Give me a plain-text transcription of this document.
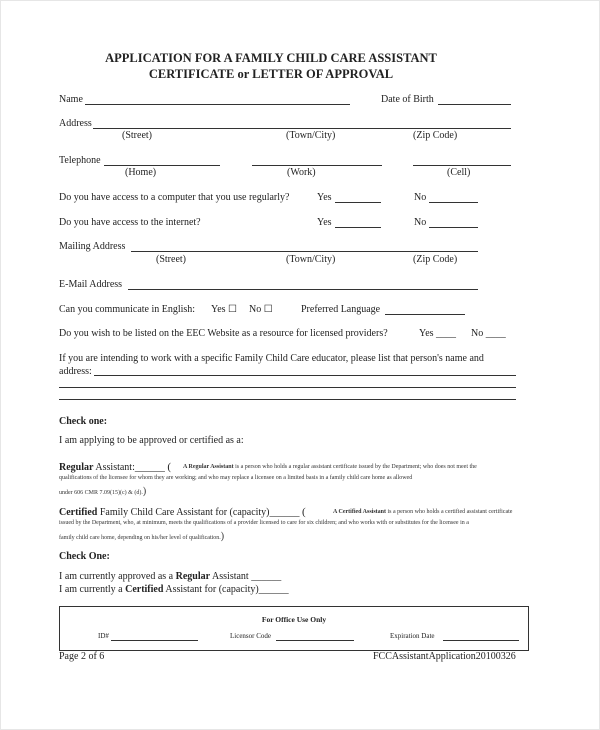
APPLICATION FOR A FAMILY CHILD CARE ASSISTANT
CERTIFICATE or LETTER OF APPROVAL
Name	Date of Birth
Address
(Street)	(Town/City)	(Zip Code)
Telephone
(Home)	(Work)	(Cell)
Do you have access to a computer that you use regularly?	Yes	No
Do you have access to the internet?	Yes	No
Mailing Address
(Street)	(Town/City)	(Zip Code)
E-Mail Address
Can you communicate in English: Yes ☐ No ☐	Preferred Language
Do you wish to be listed on the EEC Website as a resource for licensed providers?	Yes ____ No ____
If you are intending to work with a specific Family Child Care educator, please list that person's name and
address:
Check one:
I am applying to be approved or certified as a:
Regular Assistant:______ ( A Regular Assistant is a person who holds a regular assistant certificate issued by the Department; who does not meet the
qualifications of the licensee for whom they are working; and who may replace a licensee on a limited basis in a family child care home as allowed
under 606 CMR 7.09(15)(c) & (d).)
Certified Family Child Care Assistant for (capacity)______ (	A Certified Assistant is a person who holds a certified assistant certificate
issued by the Department, who, at minimum, meets the qualifications of a provider licensed to care for six children; and who works with or substitutes for the licensee in a
family child care home, depending on his/her level of qualification.)
Check One:
I am currently approved as a Regular Assistant ______
I am currently a Certified Assistant for (capacity)______
For Office Use Only
ID#	Licensor Code	Expiration Date
Page 2 of 6	FCCAssistantApplication20100326
